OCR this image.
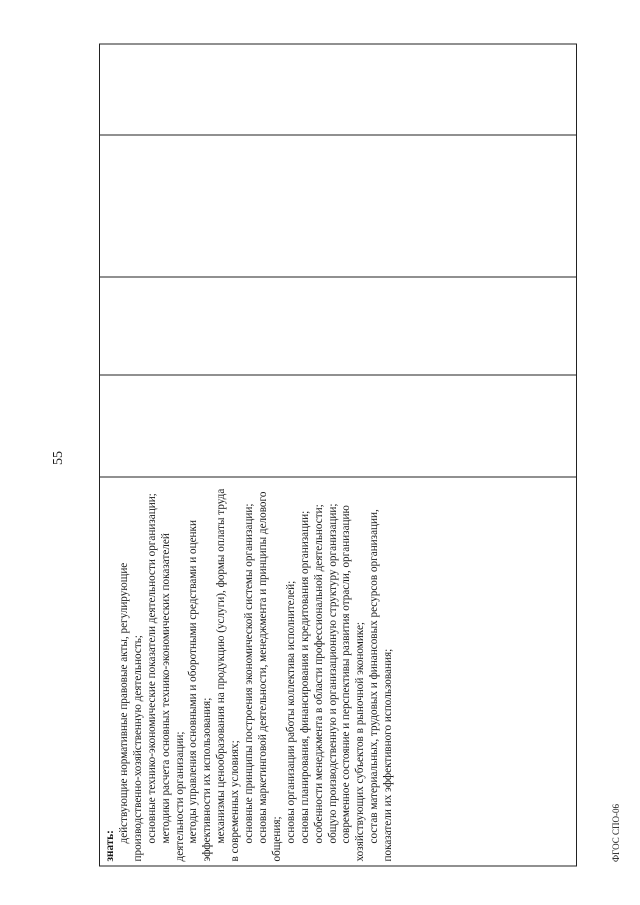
55
знать:
действующие нормативные правовые акты, регулирующие производственно-хозяйственную деятельность; основные технико-экономические показатели деятельности организации; методики расчета основных технико-экономических показателей деятельности организации; методы управления основными и оборотными средствами и оценки эффективности их использования; механизмы ценообразования на продукцию (услуги), формы оплаты труда в современных условиях; основные принципы построения экономической системы организации; основы маркетинговой деятельности, менеджмента и принципы делового общения; основы организации работы коллектива исполнителей; основы планирования, финансирования и кредитования организации; особенности менеджмента в области профессиональной деятельности; общую производственную и организационную структуру организации; современное состояние и перспективы развития отрасли, организацию хозяйствующих субъектов в рыночной экономике; состав материальных, трудовых и финансовых ресурсов организации, показатели их эффективного использования;	ФГОС СПО-06
